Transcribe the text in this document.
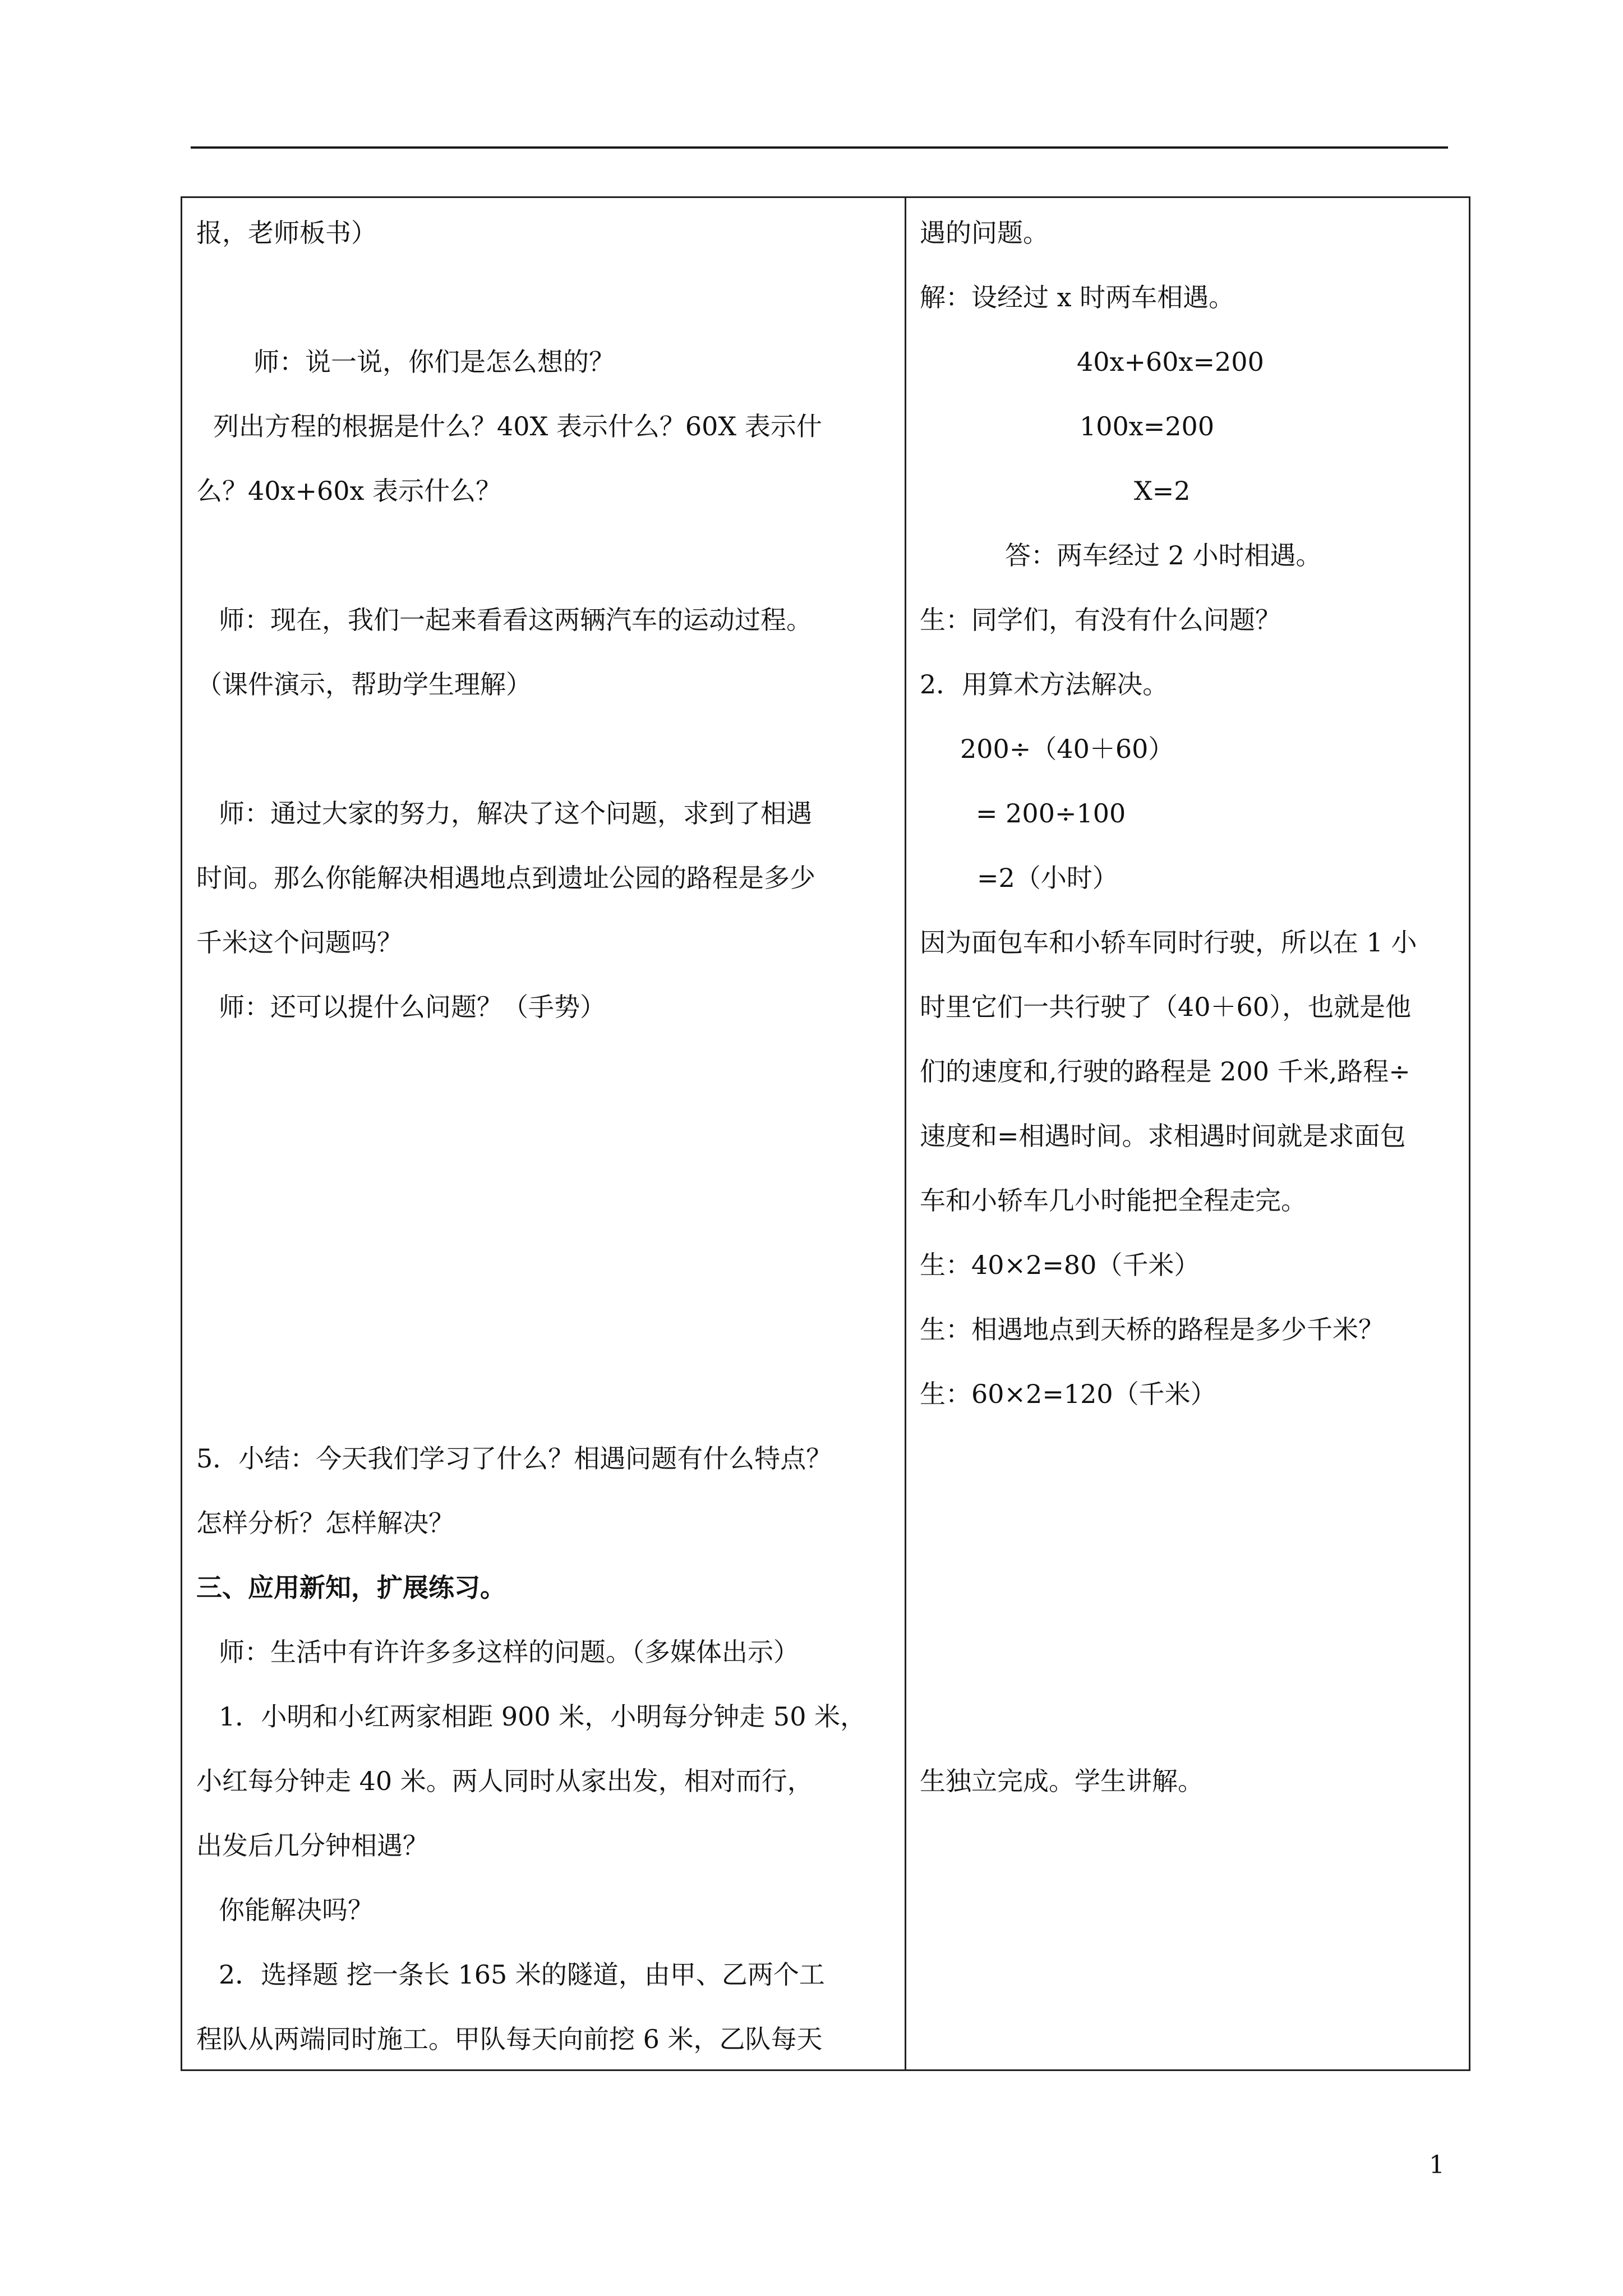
报，老师板书）
师：说一说，你们是怎么想的？
列出方程的根据是什么？40X 表示什么？60X 表示什
么？40x+60x 表示什么？
师：现在，我们一起来看看这两辆汽车的运动过程。
（课件演示，帮助学生理解）
师：通过大家的努力，解决了这个问题，求到了相遇
时间。那么你能解决相遇地点到遗址公园的路程是多少
千米这个问题吗？
师：还可以提什么问题？（手势）
5．小结：今天我们学习了什么？相遇问题有什么特点？
怎样分析？怎样解决？
三、应用新知，扩展练习。
师：生活中有许许多多这样的问题。（多媒体出示）
1．小明和小红两家相距 900 米，小明每分钟走 50 米，
小红每分钟走 40 米。两人同时从家出发，相对而行，
出发后几分钟相遇？
你能解决吗？
2．选择题 挖一条长 165 米的隧道，由甲、乙两个工
程队从两端同时施工。甲队每天向前挖 6 米，乙队每天
遇的问题。
解：设经过 x 时两车相遇。
40x+60x=200
100x=200
X=2
答：两车经过 2 小时相遇。
生：同学们，有没有什么问题？
2．用算术方法解决。
200÷（40＋60）
= 200÷100
=2（小时）
因为面包车和小轿车同时行驶，所以在 1 小
时里它们一共行驶了（40＋60），也就是他
们的速度和,行驶的路程是 200 千米,路程÷
速度和=相遇时间。求相遇时间就是求面包
车和小轿车几小时能把全程走完。
生：40×2=80（千米）
生：相遇地点到天桥的路程是多少千米？
生：60×2=120（千米）
生独立完成。学生讲解。
1
